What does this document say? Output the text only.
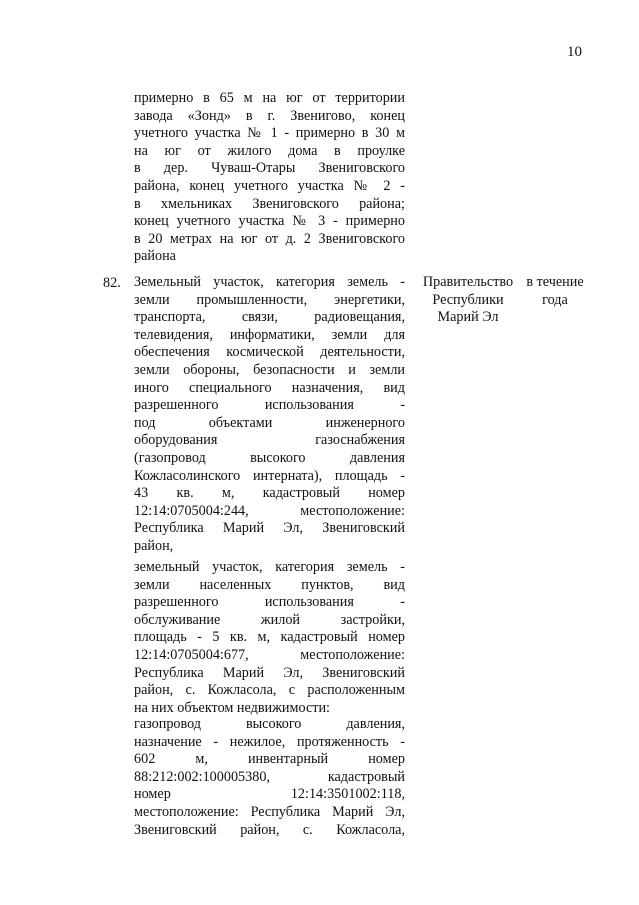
10
примерно в 65 м на юг от территории
завода «Зонд» в г. Звенигово, конец
учетного участка № 1 - примерно в 30 м
на юг от жилого дома в проулке
в дер. Чуваш-Отары Звениговского
района, конец учетного участка № 2 -
в хмельниках Звениговского района;
конец учетного участка № 3 - примерно
в 20 метрах на юг от д. 2 Звениговского
района
82. Земельный участок, категория земель -
земли промышленности, энергетики,
транспорта, связи, радиовещания,
телевидения, информатики, земли для
обеспечения космической деятельности,
земли обороны, безопасности и земли
иного специального назначения, вид
разрешенного использования -
под объектами инженерного
оборудования газоснабжения
(газопровод высокого давления
Кожласолинского интерната), площадь -
43 кв. м, кадастровый номер
12:14:0705004:244, местоположение:
Республика Марий Эл, Звениговский
район,
земельный участок, категория земель -
земли населенных пунктов, вид
разрешенного использования -
обслуживание жилой застройки,
площадь - 5 кв. м, кадастровый номер
12:14:0705004:677, местоположение:
Республика Марий Эл, Звениговский
район, с. Кожласола, с расположенным
на них объектом недвижимости:
газопровод высокого давления,
назначение - нежилое, протяженность -
602 м, инвентарный номер
88:212:002:100005380, кадастровый
номер 12:14:3501002:118,
местоположение: Республика Марий Эл,
Звениговский район, с. Кожласола,
Правительство
Республики
Марий Эл
в течение
года
